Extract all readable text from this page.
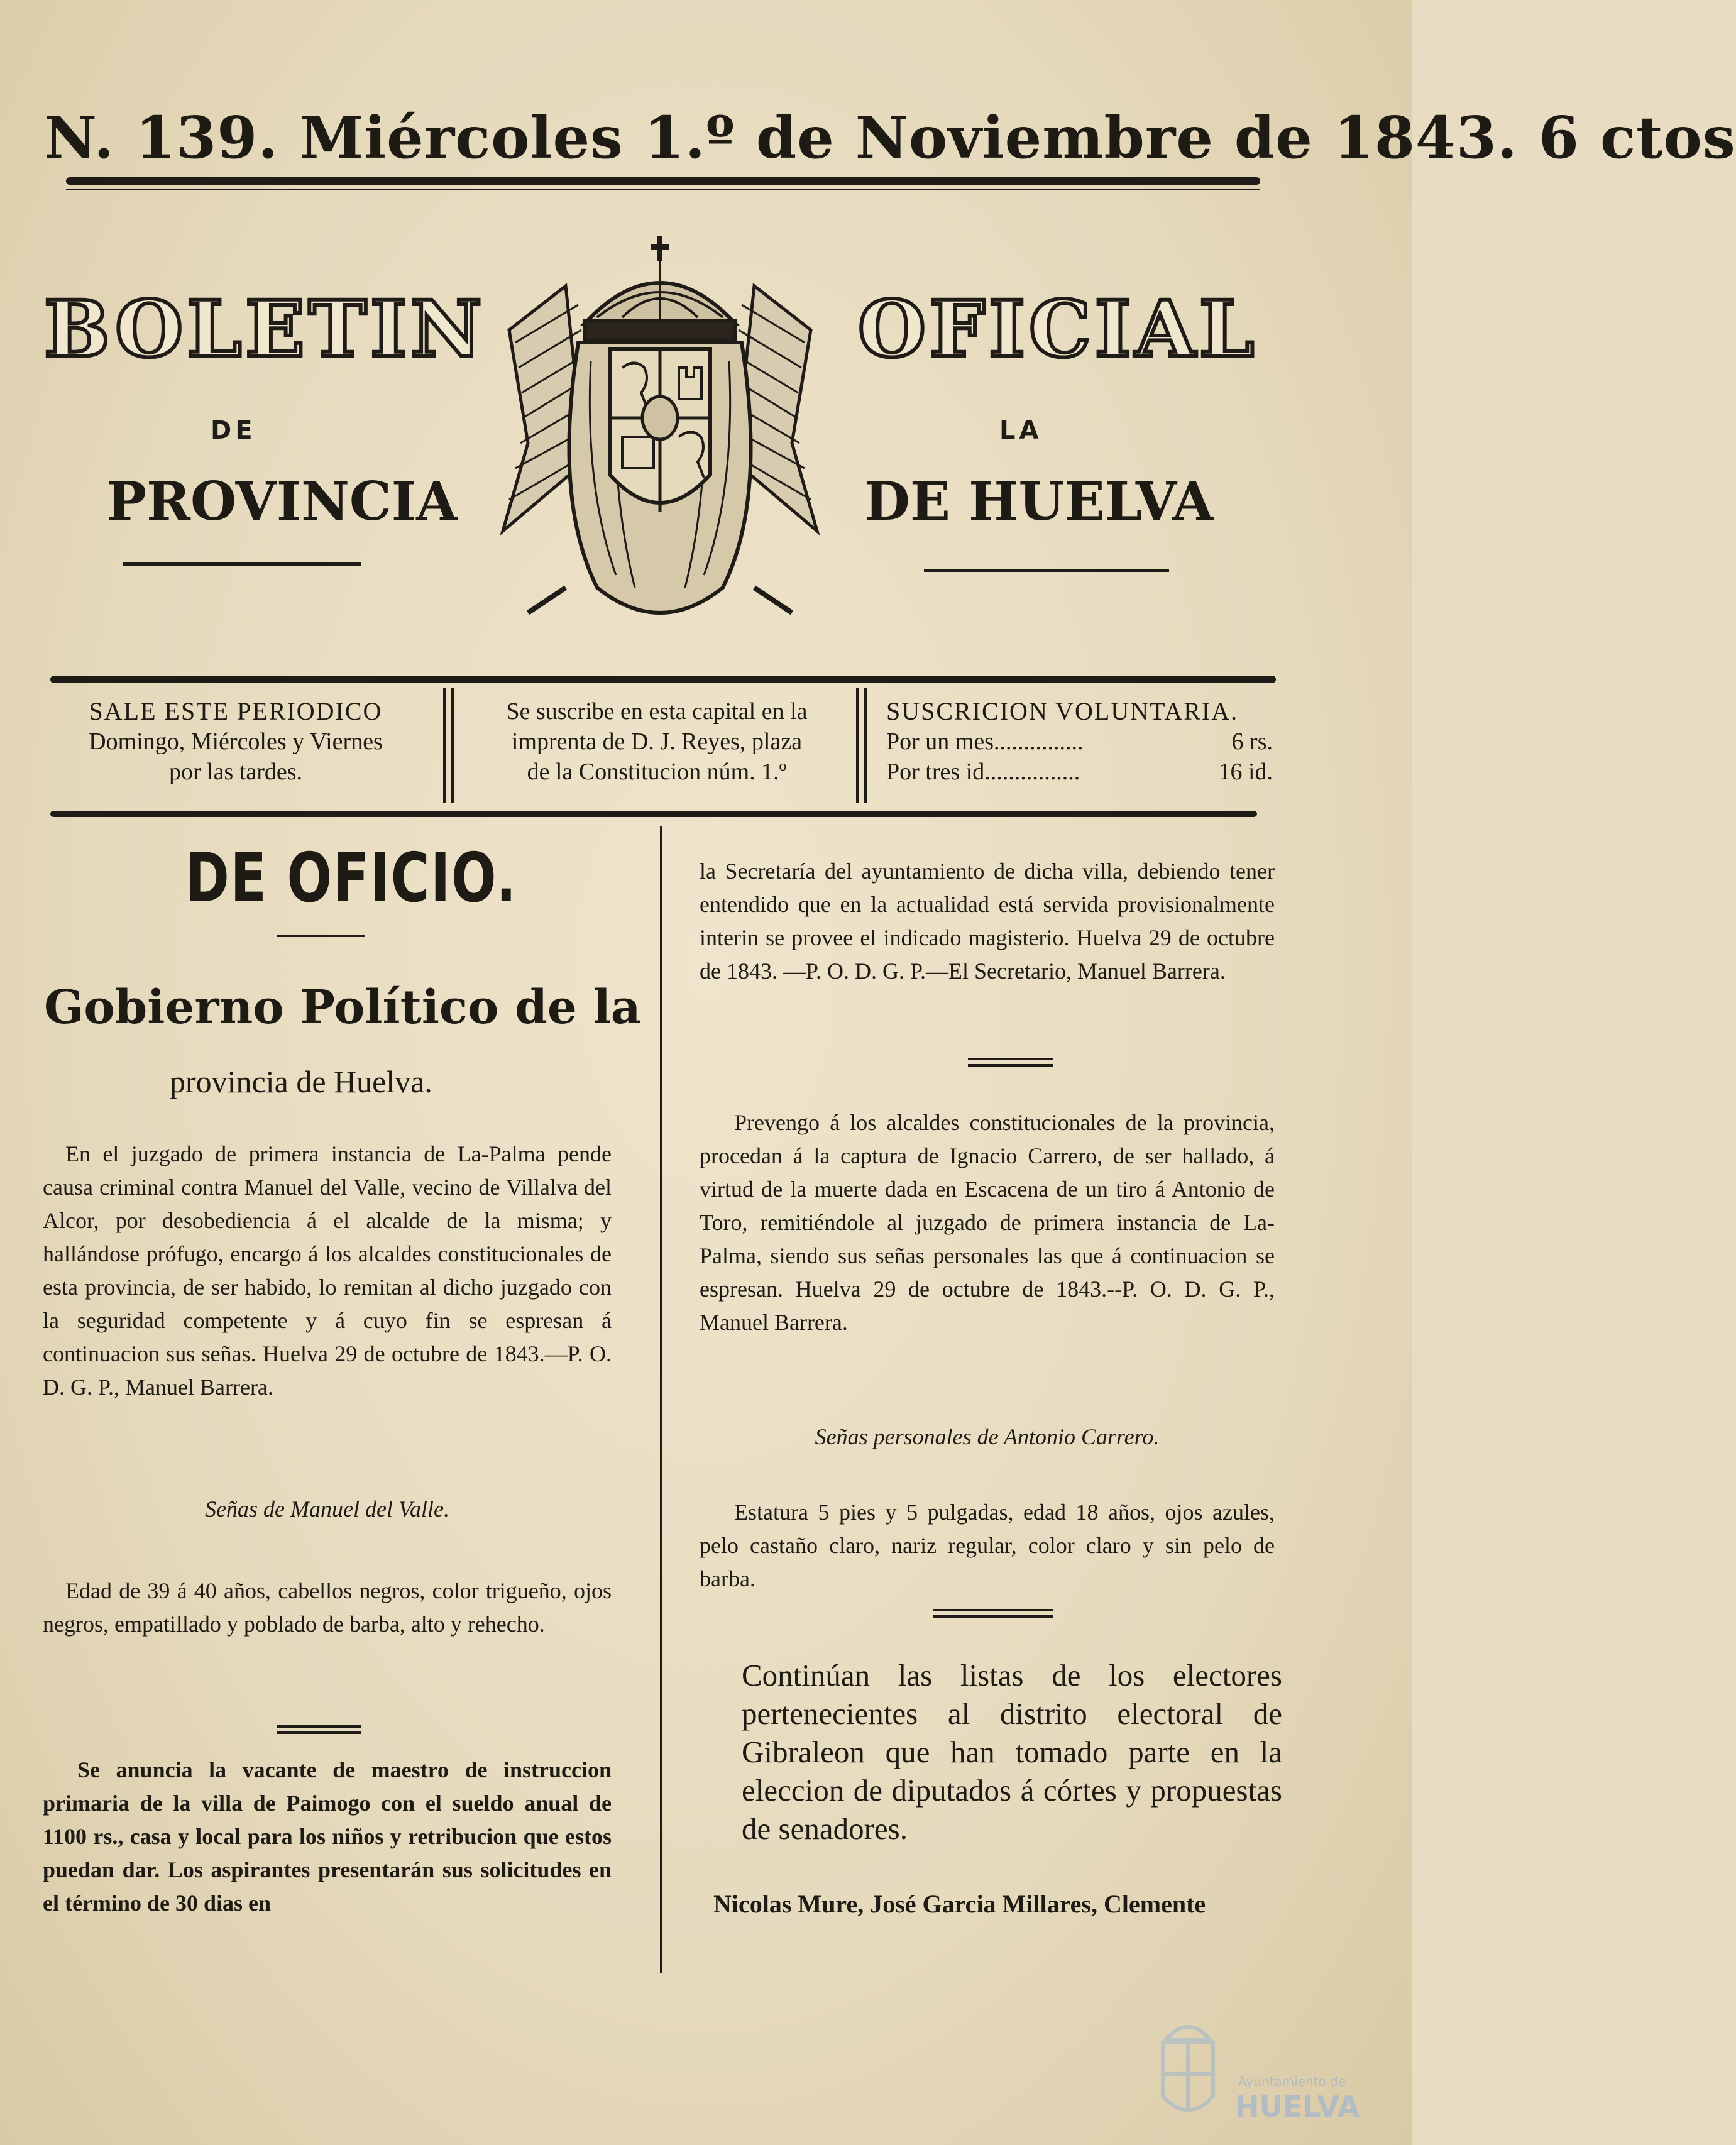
N. 139. Miércoles 1.º de Noviembre de 1843. 6 ctos
BOLETIN	OFICIAL
DE	LA
PROVINCIA	DE HUELVA
SALE ESTE PERIODICO
Domingo, Miércoles y Viernes
por las tardes.
Se suscribe en esta capital en la
imprenta de D. J. Reyes, plaza
de la Constitucion núm. 1.º
SUSCRICION VOLUNTARIA.
Por un mes...............	6 rs.
Por tres id................	16 id.
DE OFICIO.
Gobierno Político de la
provincia de Huelva.
En el juzgado de primera instancia de La-Palma pende causa criminal contra Manuel del Valle, vecino de Villalva del Alcor, por desobediencia á el alcalde de la misma; y hallándose prófugo, encargo á los alcaldes constitucionales de esta provincia, de ser habido, lo remitan al dicho juzgado con la seguridad competente y á cuyo fin se espresan á continuacion sus señas. Huelva 29 de octubre de 1843.—P. O. D. G. P., Manuel Barrera.
Señas de Manuel del Valle.
Edad de 39 á 40 años, cabellos negros, color trigueño, ojos negros, empatillado y poblado de barba, alto y rehecho.
Se anuncia la vacante de maestro de instruccion primaria de la villa de Paimogo con el sueldo anual de 1100 rs., casa y local para los niños y retribucion que estos puedan dar. Los aspirantes presentarán sus solicitudes en el término de 30 dias en
la Secretaría del ayuntamiento de dicha villa, debiendo tener entendido que en la actualidad está servida provisionalmente interin se provee el indicado magisterio. Huelva 29 de octubre de 1843. —P. O. D. G. P.—El Secretario, Manuel Barrera.
Prevengo á los alcaldes constitucionales de la provincia, procedan á la captura de Ignacio Carrero, de ser hallado, á virtud de la muerte dada en Escacena de un tiro á Antonio de Toro, remitiéndole al juzgado de primera instancia de La-Palma, siendo sus señas personales las que á continuacion se espresan. Huelva 29 de octubre de 1843.--P. O. D. G. P., Manuel Barrera.
Señas personales de Antonio Carrero.
Estatura 5 pies y 5 pulgadas, edad 18 años, ojos azules, pelo castaño claro, nariz regular, color claro y sin pelo de barba.
Continúan las listas de los electores pertenecientes al distrito electoral de Gibraleon que han tomado parte en la eleccion de diputados á córtes y propuestas de senadores.
Nicolas Mure, José Garcia Millares, Clemente
Ayuntamiento de
HUELVA
